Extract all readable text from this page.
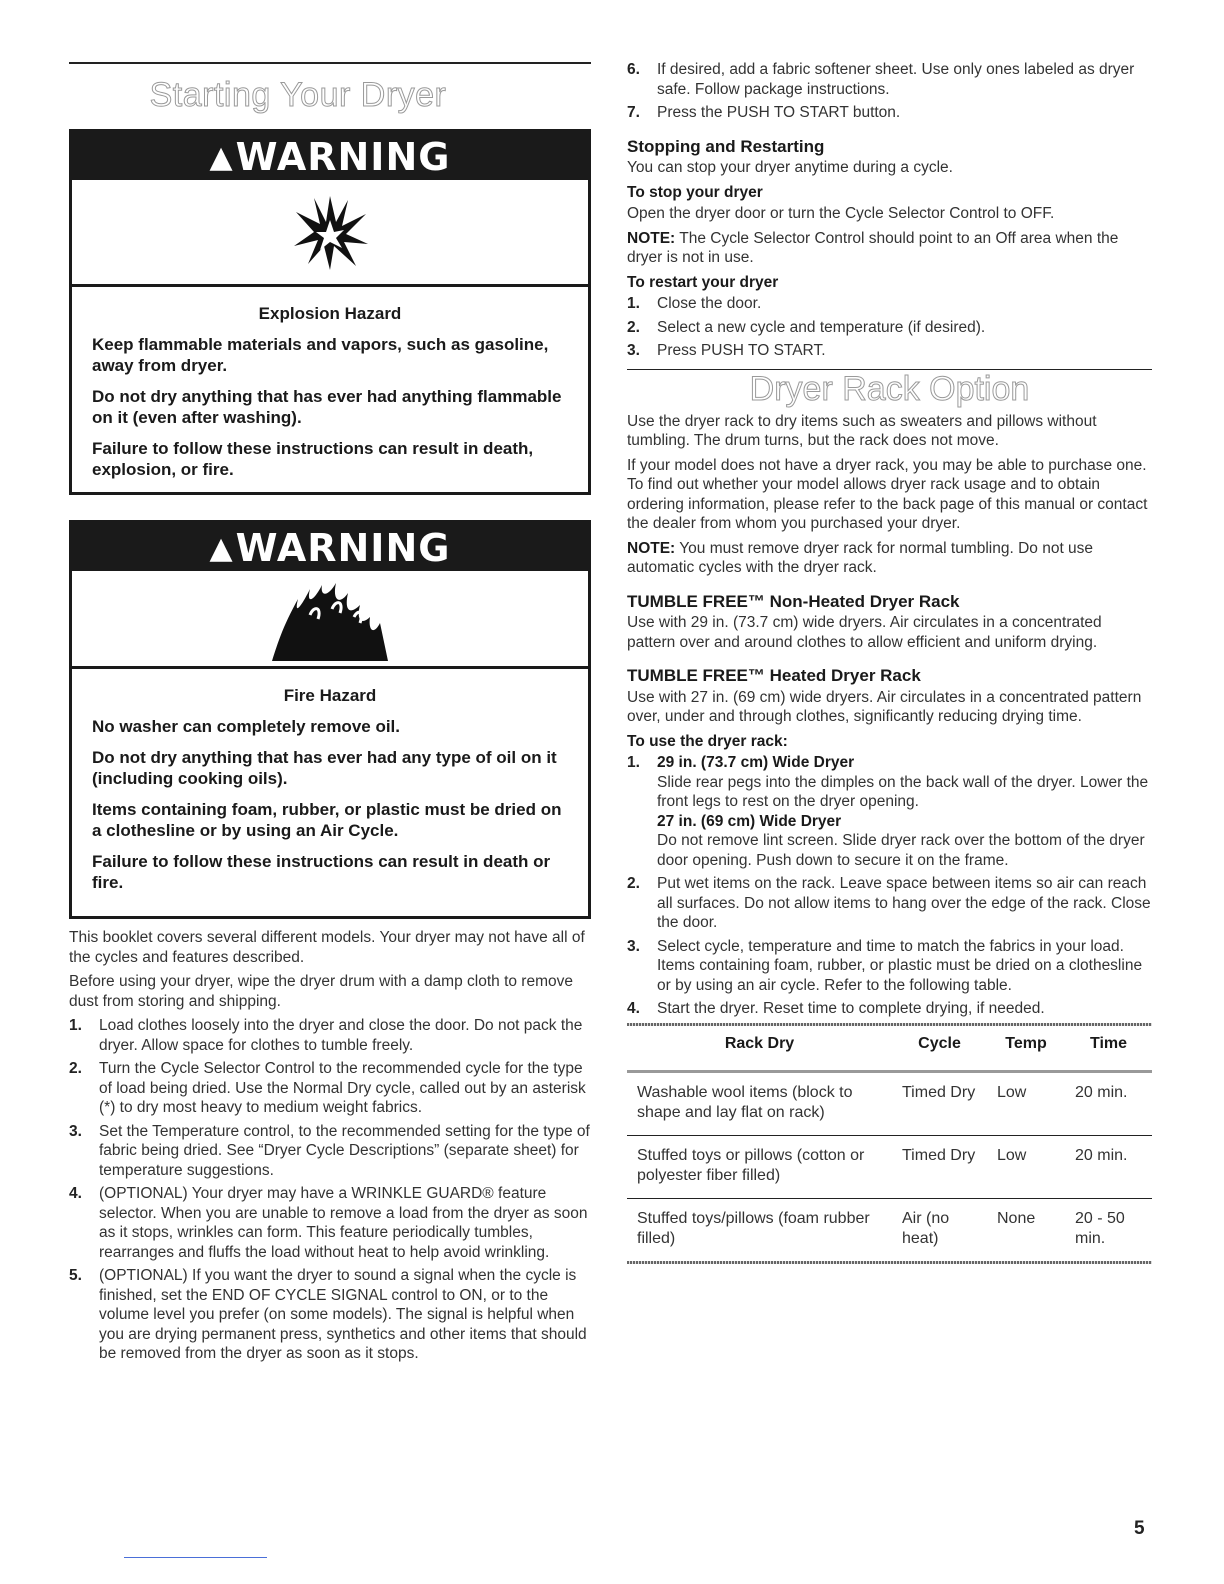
Starting Your Dryer
▲WARNING
Explosion Hazard

Keep flammable materials and vapors, such as gasoline, away from dryer.

Do not dry anything that has ever had anything flammable on it (even after washing).

Failure to follow these instructions can result in death, explosion, or fire.

▲WARNING
Fire Hazard

No washer can completely remove oil.

Do not dry anything that has ever had any type of oil on it (including cooking oils).

Items containing foam, rubber, or plastic must be dried on a clothesline or by using an Air Cycle.

Failure to follow these instructions can result in death or fire.

This booklet covers several different models. Your dryer may not have all of the cycles and features described.

Before using your dryer, wipe the dryer drum with a damp cloth to remove dust from storing and shipping.

1. Load clothes loosely into the dryer and close the door. Do not pack the dryer. Allow space for clothes to tumble freely.
2. Turn the Cycle Selector Control to the recommended cycle for the type of load being dried. Use the Normal Dry cycle, called out by an asterisk (*) to dry most heavy to medium weight fabrics.
3. Set the Temperature control, to the recommended setting for the type of fabric being dried. See “Dryer Cycle Descriptions” (separate sheet) for temperature suggestions.
4. (OPTIONAL) Your dryer may have a WRINKLE GUARD® feature selector. When you are unable to remove a load from the dryer as soon as it stops, wrinkles can form. This feature periodically tumbles, rearranges and fluffs the load without heat to help avoid wrinkling.
5. (OPTIONAL) If you want the dryer to sound a signal when the cycle is finished, set the END OF CYCLE SIGNAL control to ON, or to the volume level you prefer (on some models). The signal is helpful when you are drying permanent press, synthetics and other items that should be removed from the dryer as soon as it stops.
6. If desired, add a fabric softener sheet. Use only ones labeled as dryer safe. Follow package instructions.
7. Press the PUSH TO START button.
Stopping and Restarting

You can stop your dryer anytime during a cycle.

To stop your dryer

Open the dryer door or turn the Cycle Selector Control to OFF.

NOTE: The Cycle Selector Control should point to an Off area when the dryer is not in use.

To restart your dryer
1. Close the door.
2. Select a new cycle and temperature (if desired).
3. Press PUSH TO START.
Dryer Rack Option

Use the dryer rack to dry items such as sweaters and pillows without tumbling. The drum turns, but the rack does not move.

If your model does not have a dryer rack, you may be able to purchase one. To find out whether your model allows dryer rack usage and to obtain ordering information, please refer to the back page of this manual or contact the dealer from whom you purchased your dryer.

NOTE: You must remove dryer rack for normal tumbling. Do not use automatic cycles with the dryer rack.

TUMBLE FREE™ Non-Heated Dryer Rack

Use with 29 in. (73.7 cm) wide dryers. Air circulates in a concentrated pattern over and around clothes to allow efficient and uniform drying.

TUMBLE FREE™ Heated Dryer Rack

Use with 27 in. (69 cm) wide dryers. Air circulates in a concentrated pattern over, under and through clothes, significantly reducing drying time.

To use the dryer rack:
1. 29 in. (73.7 cm) Wide Dryer
Slide rear pegs into the dimples on the back wall of the dryer. Lower the front legs to rest on the dryer opening.
27 in. (69 cm) Wide Dryer
Do not remove lint screen. Slide dryer rack over the bottom of the dryer door opening. Push down to secure it on the frame.
2. Put wet items on the rack. Leave space between items so air can reach all surfaces. Do not allow items to hang over the edge of the rack. Close the door.
3. Select cycle, temperature and time to match the fabrics in your load. Items containing foam, rubber, or plastic must be dried on a clothesline or by using an air cycle. Refer to the following table.
4. Start the dryer. Reset time to complete drying, if needed.
Rack Dry	Cycle	Temp	Time
Washable wool items (block to shape and lay flat on rack)	Timed Dry	Low	20 min.
Stuffed toys or pillows (cotton or polyester fiber filled)	Timed Dry	Low	20 min.
Stuffed toys/pillows (foam rubber filled)	Air (no heat)	None	20 - 50 min.
5
